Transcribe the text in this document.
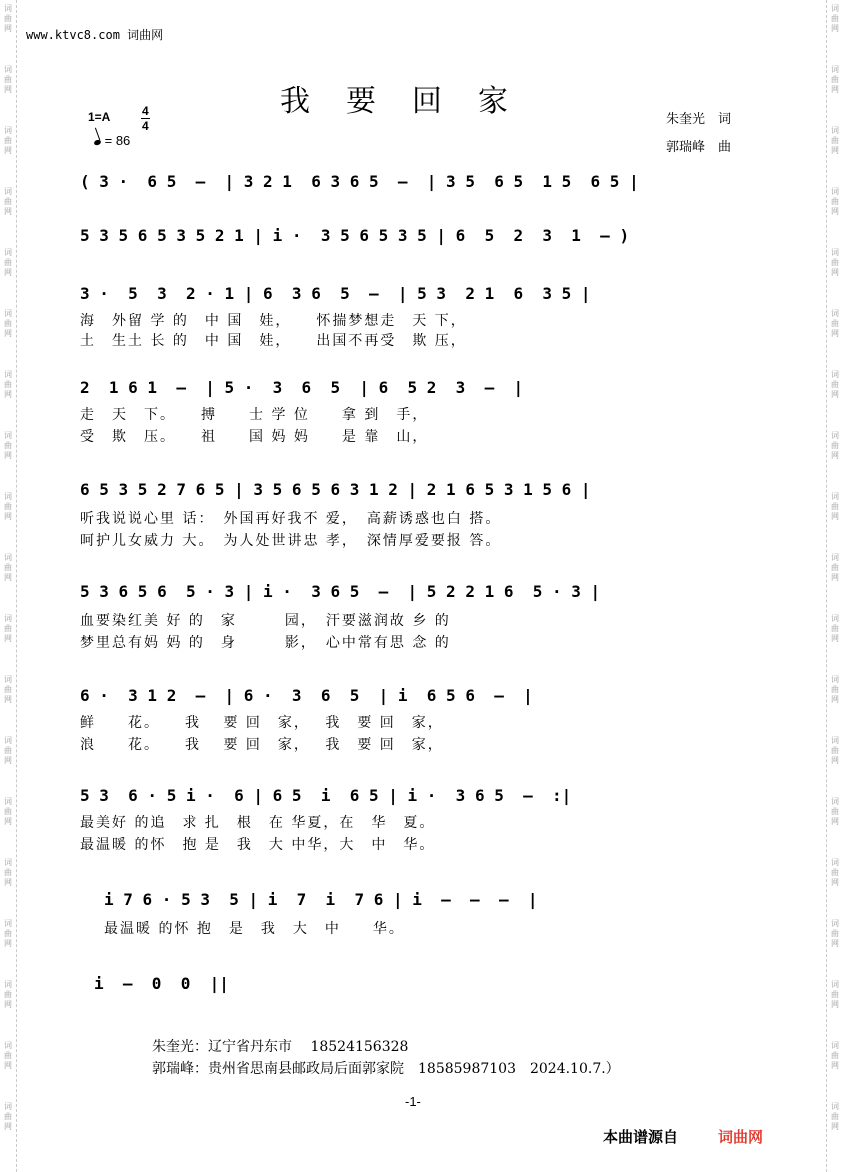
词
曲
网
词
曲
网
词
曲
网
词
曲
网
词
曲
网
词
曲
网
词
曲
网
词
曲
网
词
曲
网
词
曲
网
词
曲
网
词
曲
网
词
曲
网
词
曲
网
词
曲
网
词
曲
网
词
曲
网
词
曲
网
词
曲
网
词
曲
网
词
曲
网
词
曲
网
词
曲
网
词
曲
网
词
曲
网
词
曲
网
词
曲
网
词
曲
网
词
曲
网
词
曲
网
词
曲
网
词
曲
网
词
曲
网
词
曲
网
词
曲
网
词
曲
网
词
曲
网
词
曲
网
www.ktvc8.com 词曲网
我要回家
1=A	4
4
= 86
朱奎光　词
郭瑞峰　曲
( 3 ·  6 5  –  | 3 2 1  6 3 6 5  –  | 3 5  6 5  1 5  6 5 |
5 3 5 6 5 3 5 2 1 | i ·  3 5 6 5 3 5 | 6  5  2  3  1  – )
3 ·  5  3  2 · 1 | 6  3 6  5  –  | 5 3  2 1  6  3 5 |
海　外留 学 的　中 国　娃，　　怀揣梦想走　天 下，
土　生土 长 的　中 国　娃，　　出国不再受　欺 压，
2  1 6 1  –  | 5 ·  3  6  5  | 6  5 2  3  –  |
走　天　下。　　搏　　士 学 位　　拿 到　手，
受　欺　压。　　祖　　国 妈 妈　　是 靠　山，
6 5 3 5 2 7 6 5 | 3 5 6 5 6 3 1 2 | 2 1 6 5 3 1 5 6 |
听我说说心里 话：　外国再好我不 爱，　高薪诱惑也白 搭。
呵护儿女威力 大。　为人处世讲忠 孝，　深情厚爱要报 答。
5 3 6 5 6  5 · 3 | i ·  3 6 5  –  | 5 2 2 1 6  5 · 3 |
血要染红美 好 的　家　　　园，　汗要滋润故 乡 的
梦里总有妈 妈 的　身　　　影，　心中常有思 念 的
6 ·  3 1 2  –  | 6 ·  3  6  5  | i  6 5 6  –  |
鲜　　花。　　我　 要 回　家，　 我　要 回　家，
浪　　花。　　我　 要 回　家，　 我　要 回　家，
5 3  6 · 5 i ·  6 | 6 5  i  6 5 | i ·  3 6 5  –  :|
最美好 的追　求 扎　根　在 华夏，在　华　夏。
最温暖 的怀　抱 是　我　大 中华，大　中　华。
i 7 6 · 5 3  5 | i  7  i  7 6 | i  –  –  –  |
最温暖 的怀 抱　是　我　大　中　　华。
i  –  0  0  ||
朱奎光：辽宁省丹东市　 18524156328
郭瑞峰：贵州省思南县邮政局后面郭家院　18585987103　2024.10.7.）
-1-
本曲谱源自	词曲网
